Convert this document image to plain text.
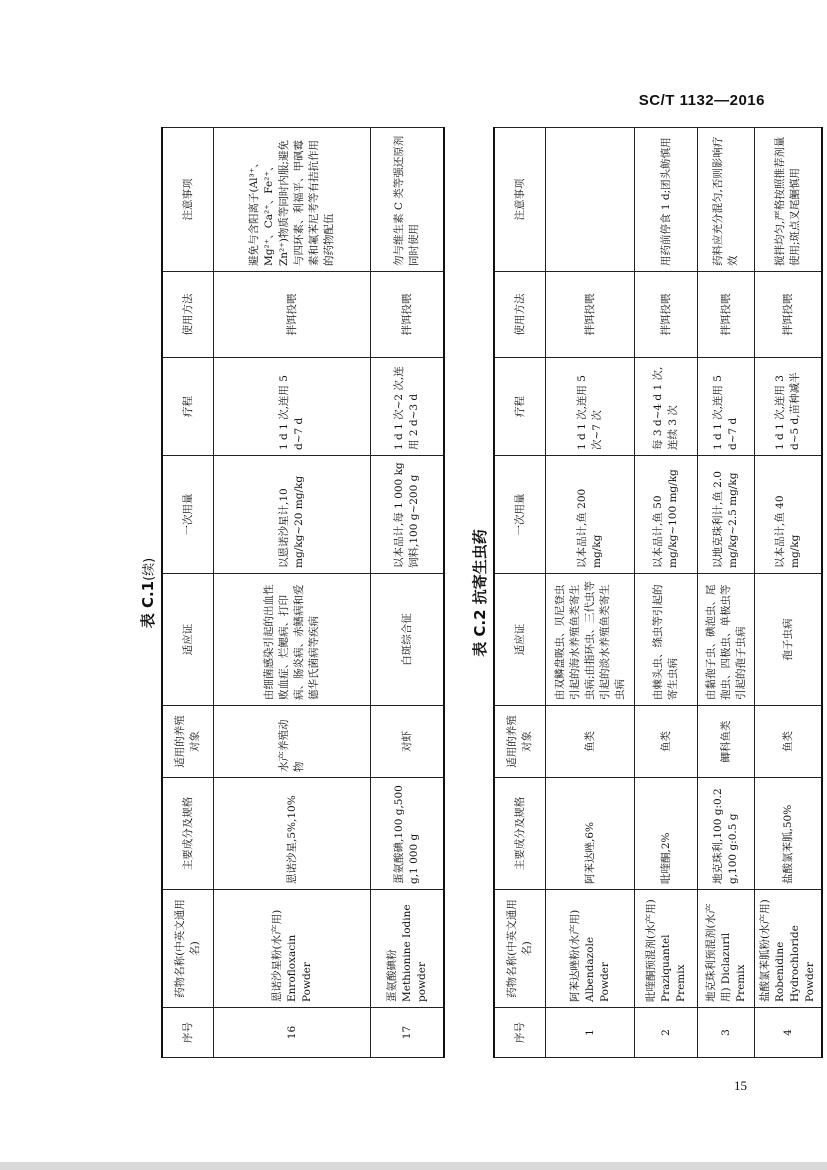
SC/T 1132—2016
表 C.1(续)
序号	药物名称(中英文通用名)	主要成分及规格	适用的养殖对象	适应证	一次用量	疗程	使用方法	注意事项
16	恩诺沙星粉(水产用) Enrofloxacin Powder	恩诺沙星,5%,10%	水产养殖动物	由细菌感染引起的出血性败血症、烂鳃病、打印病、肠炎病、赤鳍病和爱德华氏菌病等疾病	以恩诺沙星计,10 mg/kg~20 mg/kg	1 d 1 次,连用 5 d~7 d	拌饵投喂	避免与含阳离子(Al³⁺、Mg²⁺、Ca²⁺、Fe²⁺、Zn²⁺)物质等同时内服;避免与四环素、利福平、甲砜霉素和氟苯尼考等有拮抗作用的药物配伍
17	蛋氨酸碘粉 Methionine Iodine powder	蛋氨酸碘,100 g,500 g,1 000 g	对虾	白斑综合征	以本品计,每 1 000 kg 饲料,100 g~200 g	1 d 1 次~2 次,连用 2 d~3 d	拌饵投喂	勿与维生素 C 类等强还原剂同时使用
表 C.2 抗寄生虫药
序号	药物名称(中英文通用名)	主要成分及规格	适用的养殖对象	适应证	一次用量	疗程	使用方法	注意事项
1	阿苯达唑粉(水产用) Albendazole Powder	阿苯达唑,6%	鱼类	由双鳞盘吸虫、贝尼登虫引起的海水养殖鱼类寄生虫病;由指环虫、三代虫等引起的淡水养殖鱼类寄生虫病	以本品计,鱼 200 mg/kg	1 d 1 次,连用 5 次~7 次	拌饵投喂	
2	吡喹酮预混剂(水产用) Praziquantel Premix	吡喹酮,2%	鱼类	由棘头虫、绦虫等引起的寄生虫病	以本品计,鱼 50 mg/kg~100 mg/kg	每 3 d~4 d 1 次,连续 3 次	拌饵投喂	用药前停食 1 d;团头鲂慎用
3	地克珠利预混剂(水产用) Diclazuril Premix	地克珠利,100 g:0.2 g,100 g:0.5 g	鲫科鱼类	由黏孢子虫、碘泡虫、尾孢虫、四极虫、单极虫等引起的孢子虫病	以地克珠利计,鱼 2.0 mg/kg~2.5 mg/kg	1 d 1 次,连用 5 d~7 d	拌饵投喂	药料应充分混匀,否则影响疗效
4	盐酸氯苯胍粉(水产用) Robenidine Hydrochloride Powder	盐酸氯苯胍,50%	鱼类	孢子虫病	以本品计,鱼 40 mg/kg	1 d 1 次,连用 3 d~5 d,苗种减半	拌饵投喂	搅拌均匀,严格按照推荐剂量使用;斑点叉尾鮰慎用
15
